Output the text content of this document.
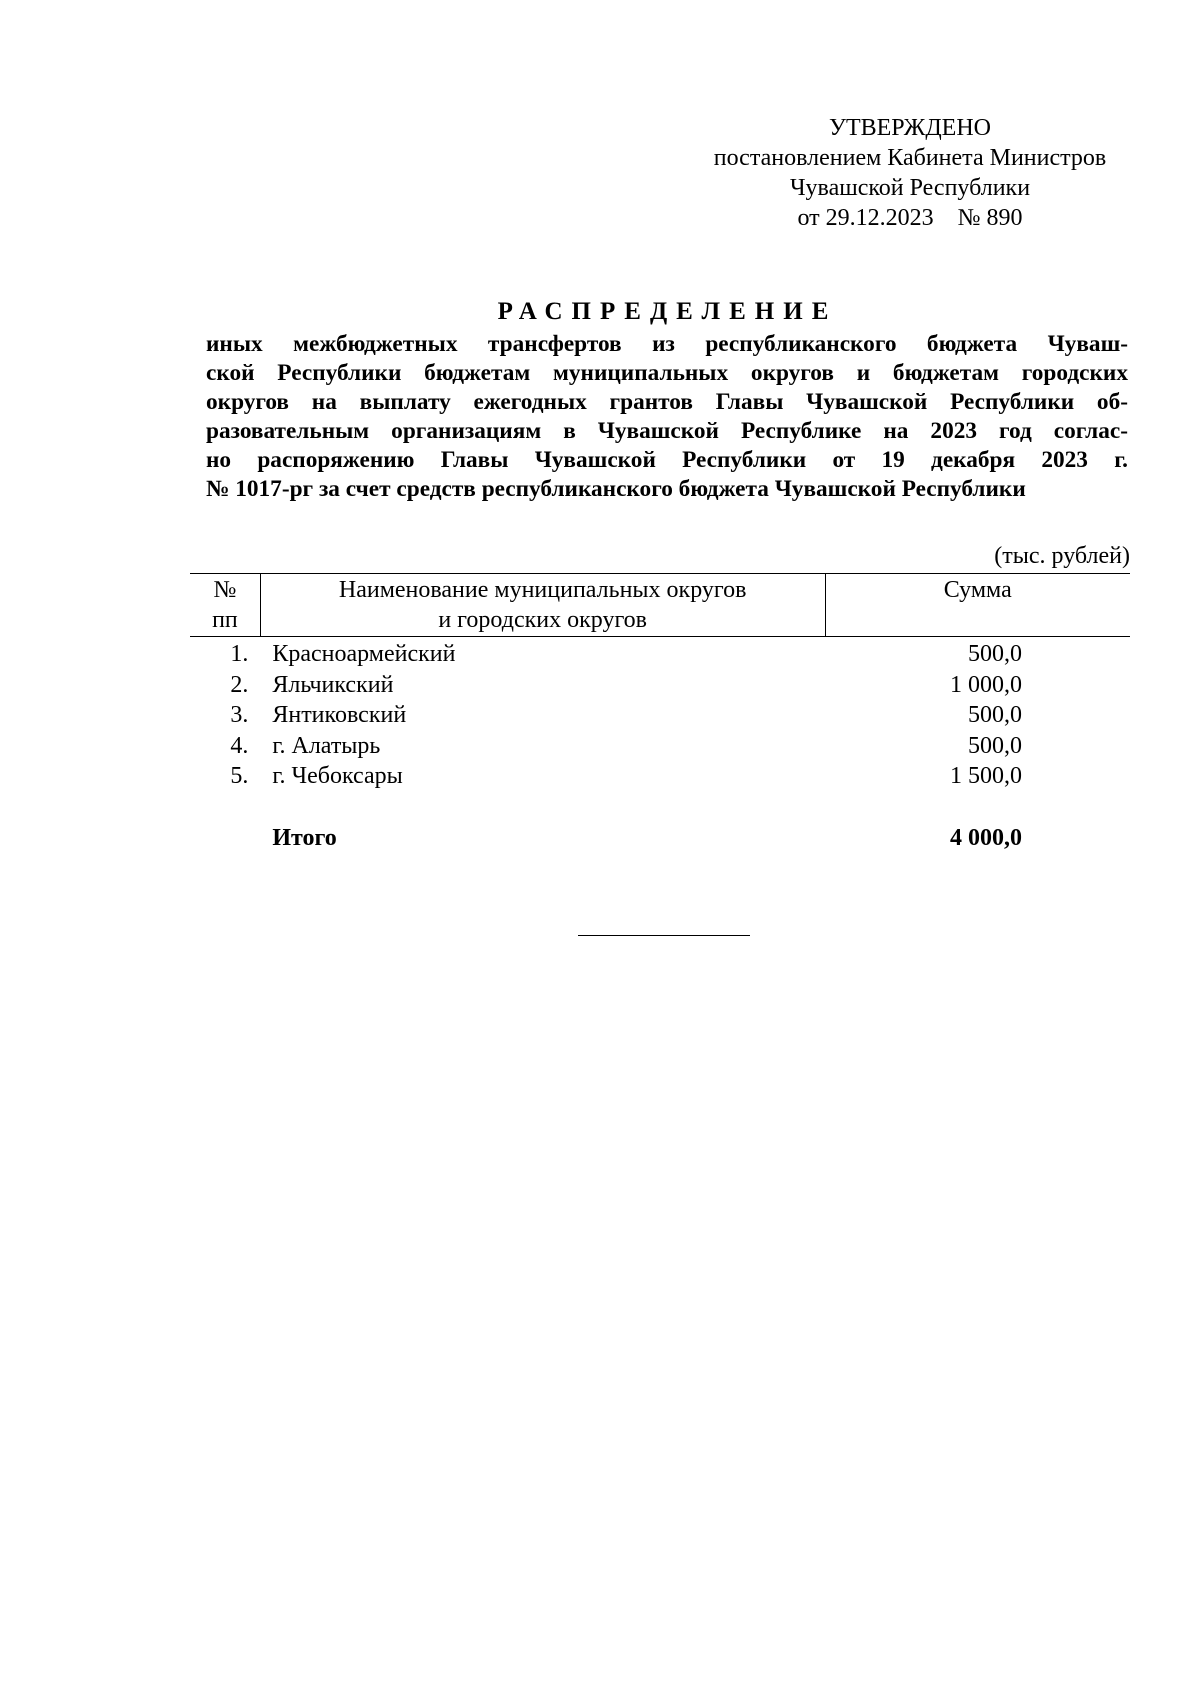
УТВЕРЖДЕНО
постановлением Кабинета Министров
Чувашской Республики
от 29.12.2023    № 890
РАСПРЕДЕЛЕНИЕ
иных межбюджетных трансфертов из республиканского бюджета Чуваш-
ской Республики бюджетам муниципальных округов и бюджетам городских
округов на выплату ежегодных грантов Главы Чувашской Республики об-
разовательным организациям в Чувашской Республике на 2023 год соглас-
но распоряжению Главы Чувашской Республики от 19 декабря 2023 г.
№ 1017-рг за счет средств республиканского бюджета Чувашской Республики
(тыс. рублей)
№	Наименование муниципальных округов	Сумма
пп	и городских округов	
1.	Красноармейский	500,0
2.	Яльчикский	1 000,0
3.	Янтиковский	500,0
4.	г. Алатырь	500,0
5.	г. Чебоксары	1 500,0
	Итого	4 000,0
